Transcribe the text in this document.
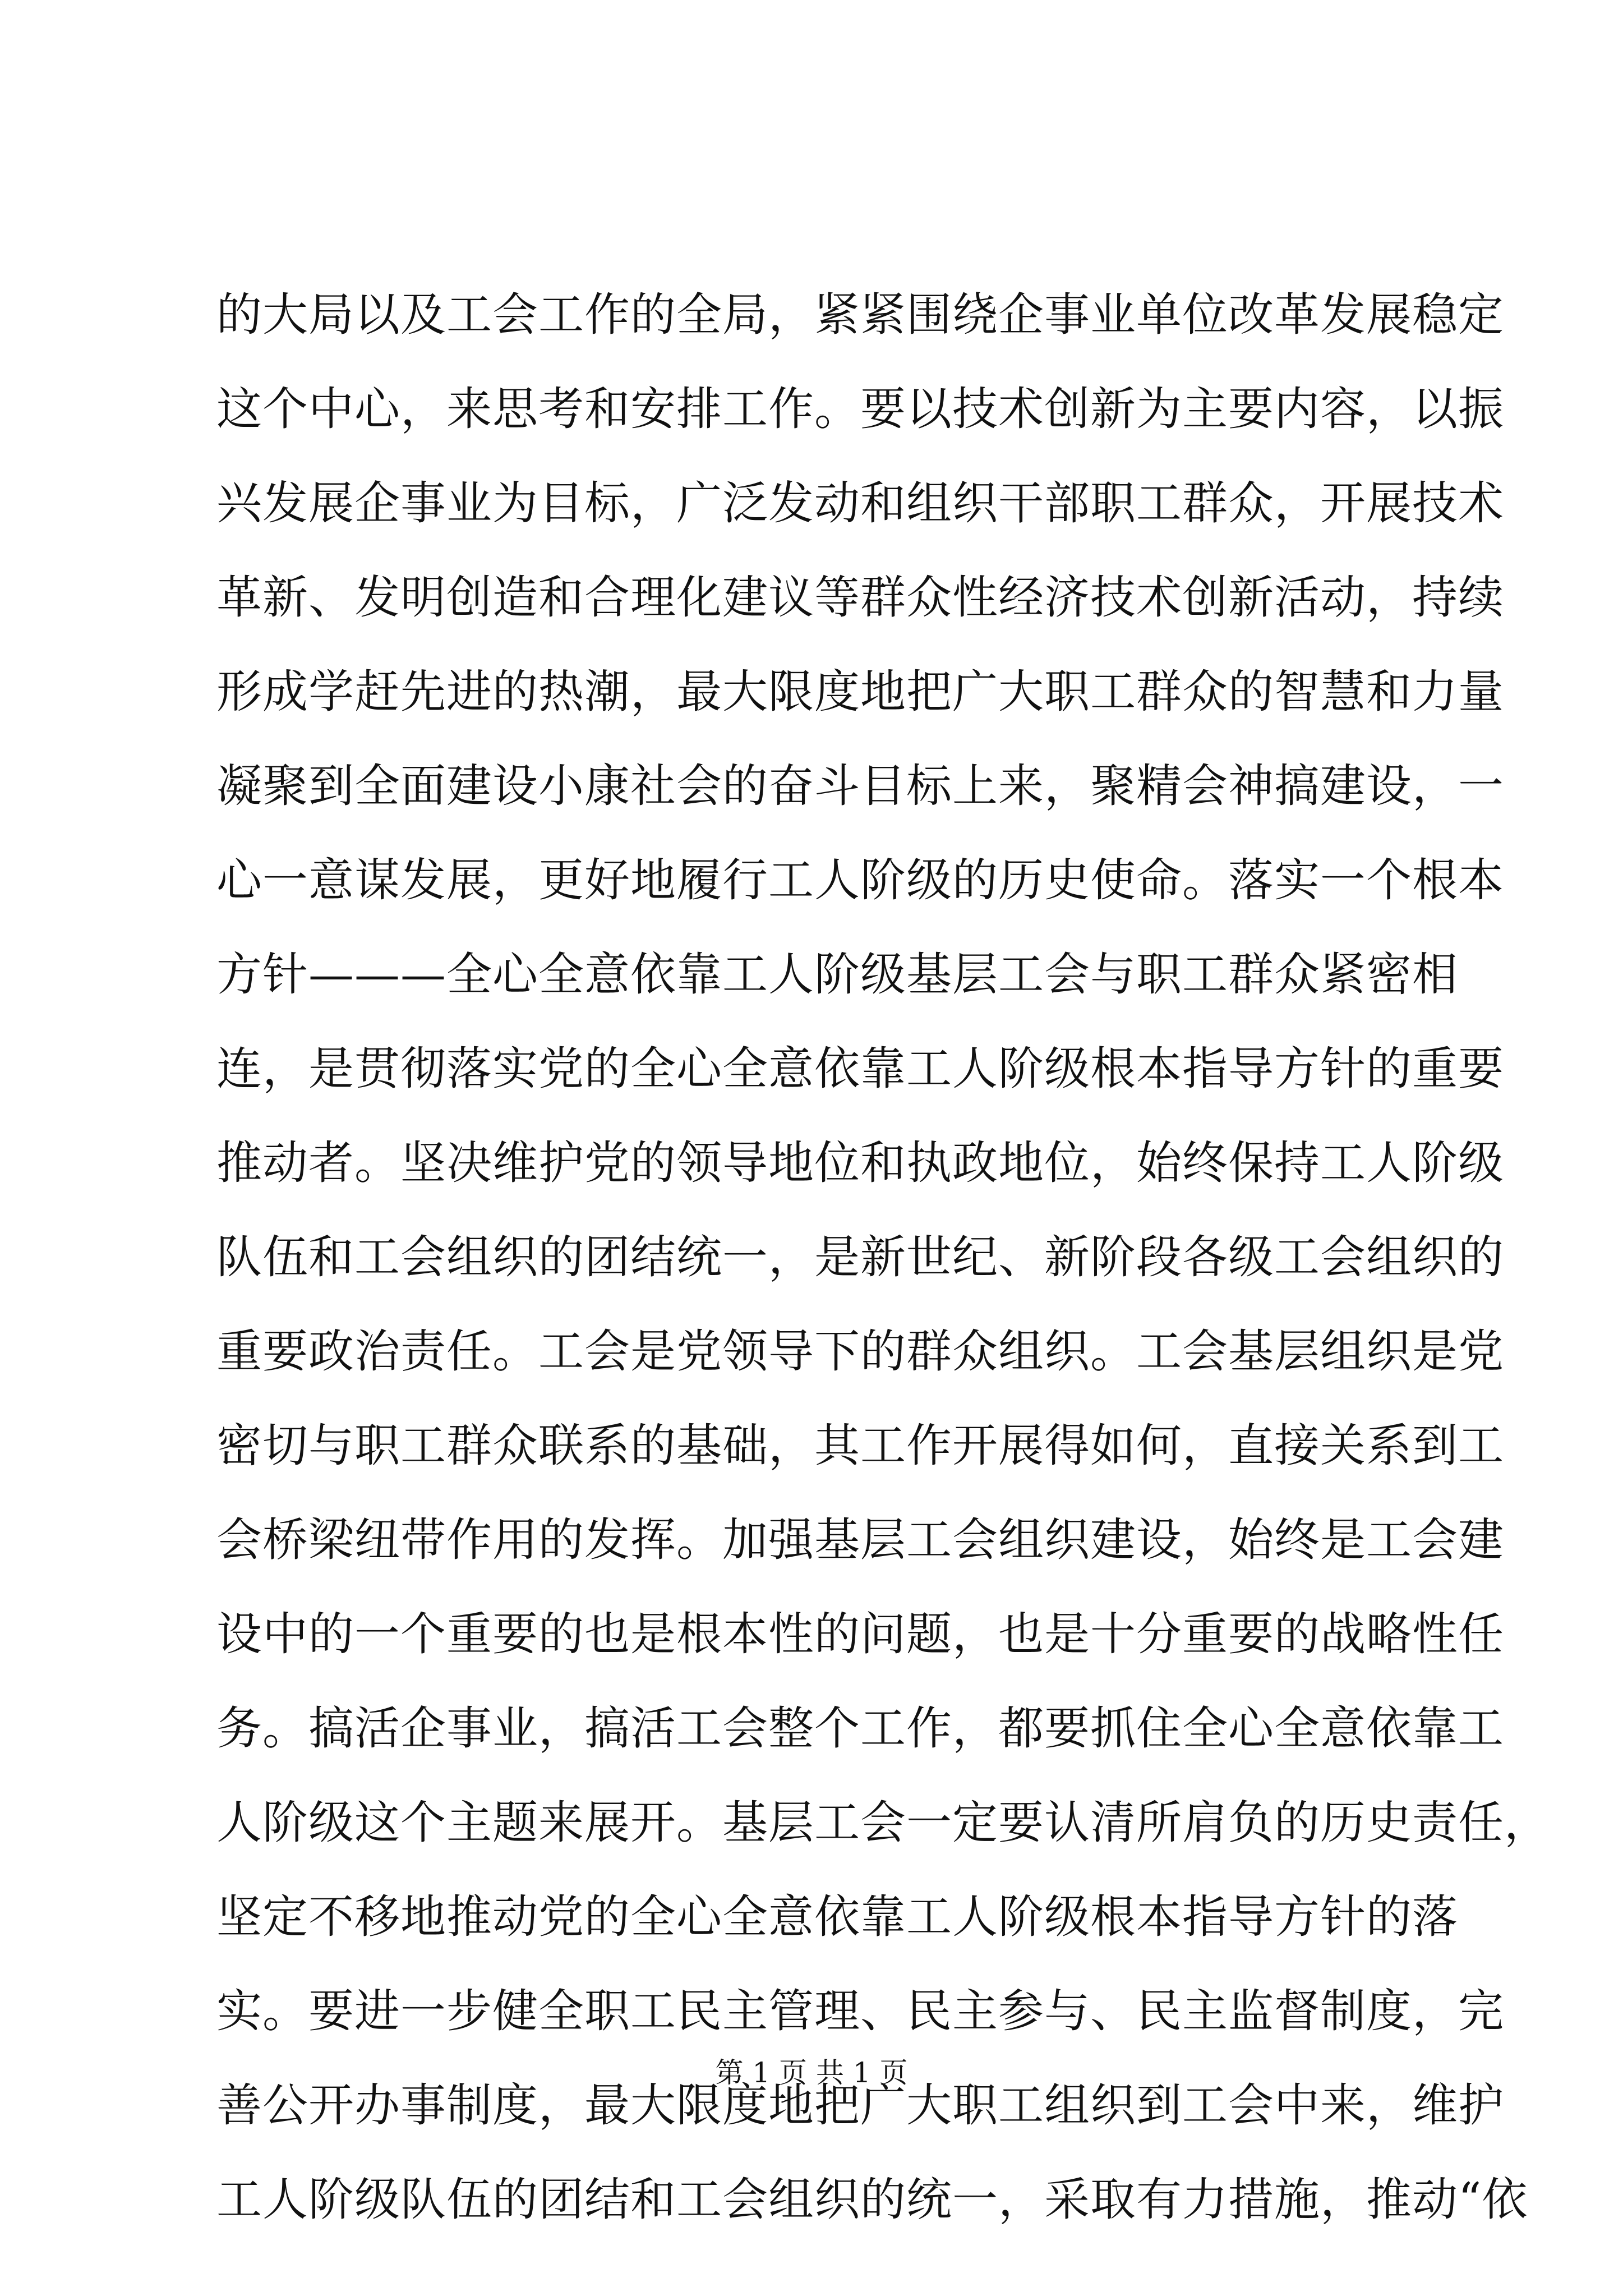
的大局以及工会工作的全局，紧紧围绕企事业单位改革发展稳定
这个中心，来思考和安排工作。要以技术创新为主要内容，以振
兴发展企事业为目标，广泛发动和组织干部职工群众，开展技术
革新、发明创造和合理化建议等群众性经济技术创新活动，持续
形成学赶先进的热潮，最大限度地把广大职工群众的智慧和力量
凝聚到全面建设小康社会的奋斗目标上来，聚精会神搞建设，一
心一意谋发展，更好地履行工人阶级的历史使命。落实一个根本
方针———全心全意依靠工人阶级基层工会与职工群众紧密相
连，是贯彻落实党的全心全意依靠工人阶级根本指导方针的重要
推动者。坚决维护党的领导地位和执政地位，始终保持工人阶级
队伍和工会组织的团结统一，是新世纪、新阶段各级工会组织的
重要政治责任。工会是党领导下的群众组织。工会基层组织是党
密切与职工群众联系的基础，其工作开展得如何，直接关系到工
会桥梁纽带作用的发挥。加强基层工会组织建设，始终是工会建
设中的一个重要的也是根本性的问题，也是十分重要的战略性任
务。搞活企事业，搞活工会整个工作，都要抓住全心全意依靠工
人阶级这个主题来展开。基层工会一定要认清所肩负的历史责任，
坚定不移地推动党的全心全意依靠工人阶级根本指导方针的落
实。要进一步健全职工民主管理、民主参与、民主监督制度，完
善公开办事制度，最大限度地把广大职工组织到工会中来，维护
工人阶级队伍的团结和工会组织的统一，采取有力措施，推动“依
第 1 页 共 1 页
